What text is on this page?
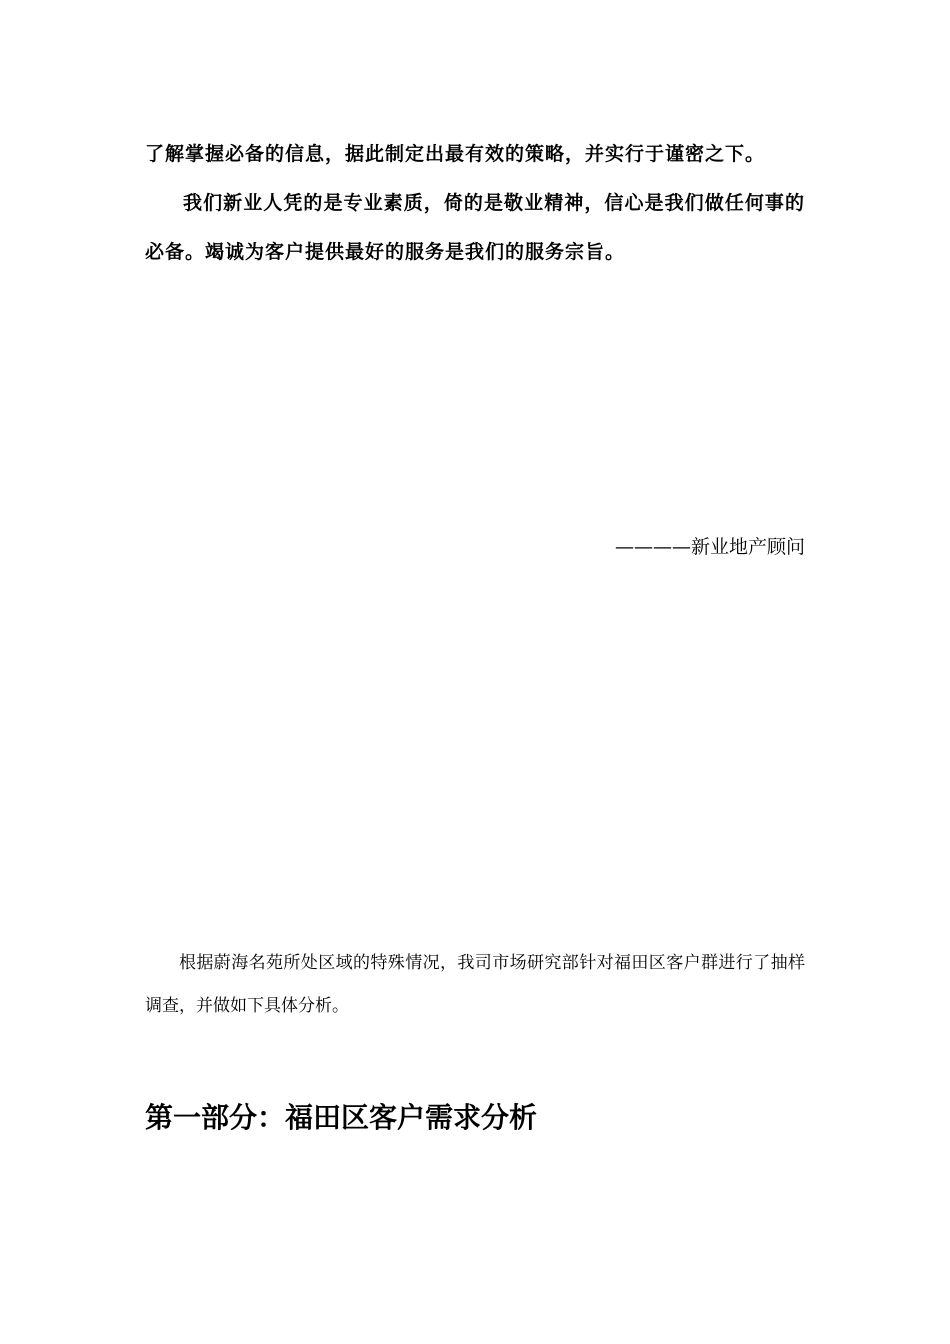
了解掌握必备的信息，据此制定出最有效的策略，并实行于谨密之下。

我们新业人凭的是专业素质，倚的是敬业精神，信心是我们做任何事的必备。竭诚为客户提供最好的服务是我们的服务宗旨。

————新业地产顾问

根据蔚海名苑所处区域的特殊情况，我司市场研究部针对福田区客户群进行了抽样调查，并做如下具体分析。

第一部分：福田区客户需求分析
